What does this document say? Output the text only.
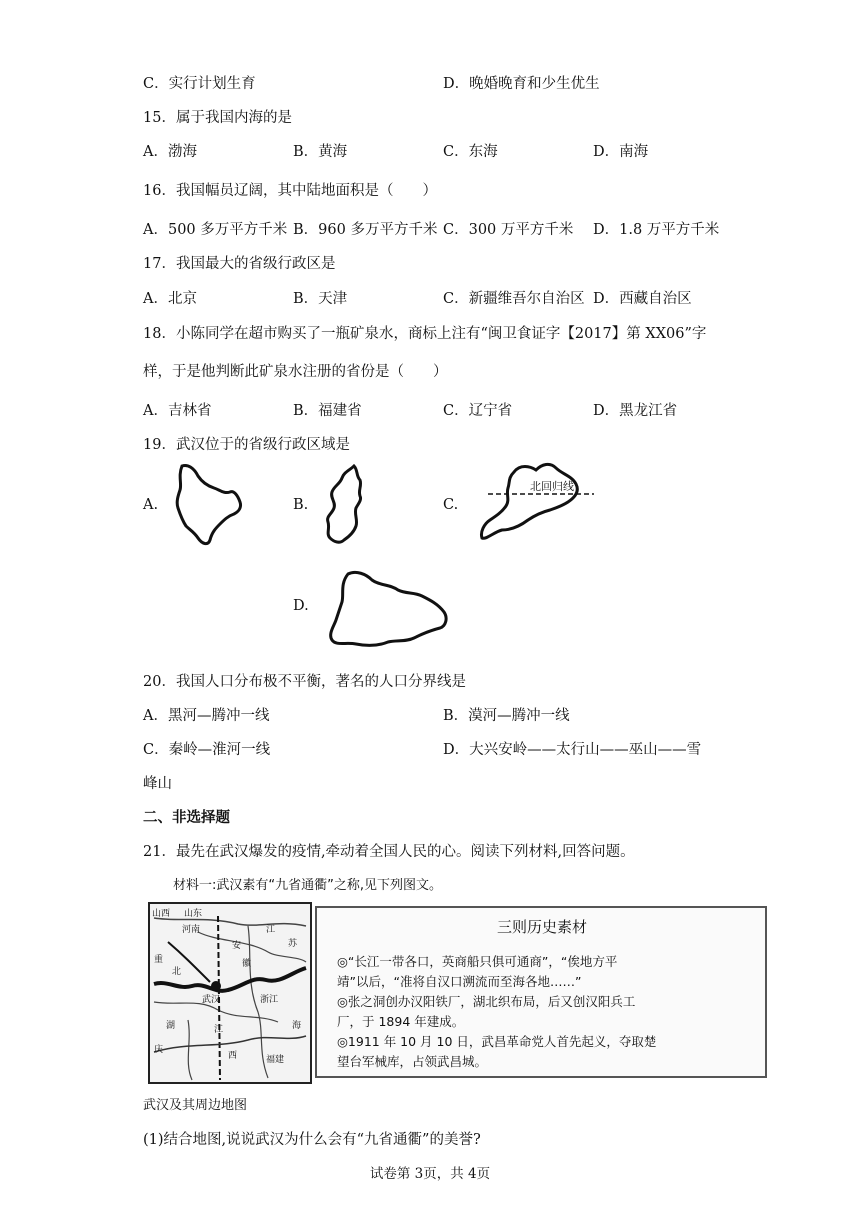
C．实行计划生育	D．晚婚晚育和少生优生
15．属于我国内海的是
A．渤海	B．黄海	C．东海	D．南海
16．我国幅员辽阔，其中陆地面积是（　　）
A．500 多万平方千米 B．960 多万平方千米 C．300 万平方千米 D．1.8 万平方千米
17．我国最大的省级行政区是
A．北京	B．天津	C．新疆维吾尔自治区 D．西藏自治区
18．小陈同学在超市购买了一瓶矿泉水，商标上注有“闽卫食证字【2017】第 XX06”字
样，于是他判断此矿泉水注册的省份是（　　）
A．吉林省	B．福建省	C．辽宁省	D．黑龙江省
19．武汉位于的省级行政区域是
A.	B.	C.
D.
北回归线
20．我国人口分布极不平衡，著名的人口分界线是
A．黑河—腾冲一线	B．漠河—腾冲一线
C．秦岭—淮河一线	D．大兴安岭——太行山——巫山——雪
峰山
二、非选择题
21．最先在武汉爆发的疫情,牵动着全国人民的心。阅读下列材料,回答问题。
材料一:武汉素有“九省通衢”之称,见下列图文。
山西 山东
河南
安
江
苏
北
武汉
徽
湖	江
浙江
西	福建
重
庆
海
武汉及其周边地图
三则历史素材
◎“长江一带各口，英商船只俱可通商”，“俟地方平
靖”以后，“准将自汉口溯流而至海各地……”
◎张之洞创办汉阳铁厂，湖北织布局，后又创汉阳兵工
厂，于 1894 年建成。
◎1911 年 10 月 10 日，武昌革命党人首先起义，夺取楚
望台军械库，占领武昌城。
(1)结合地图,说说武汉为什么会有“九省通衢”的美誉?
试卷第 3页，共 4页
